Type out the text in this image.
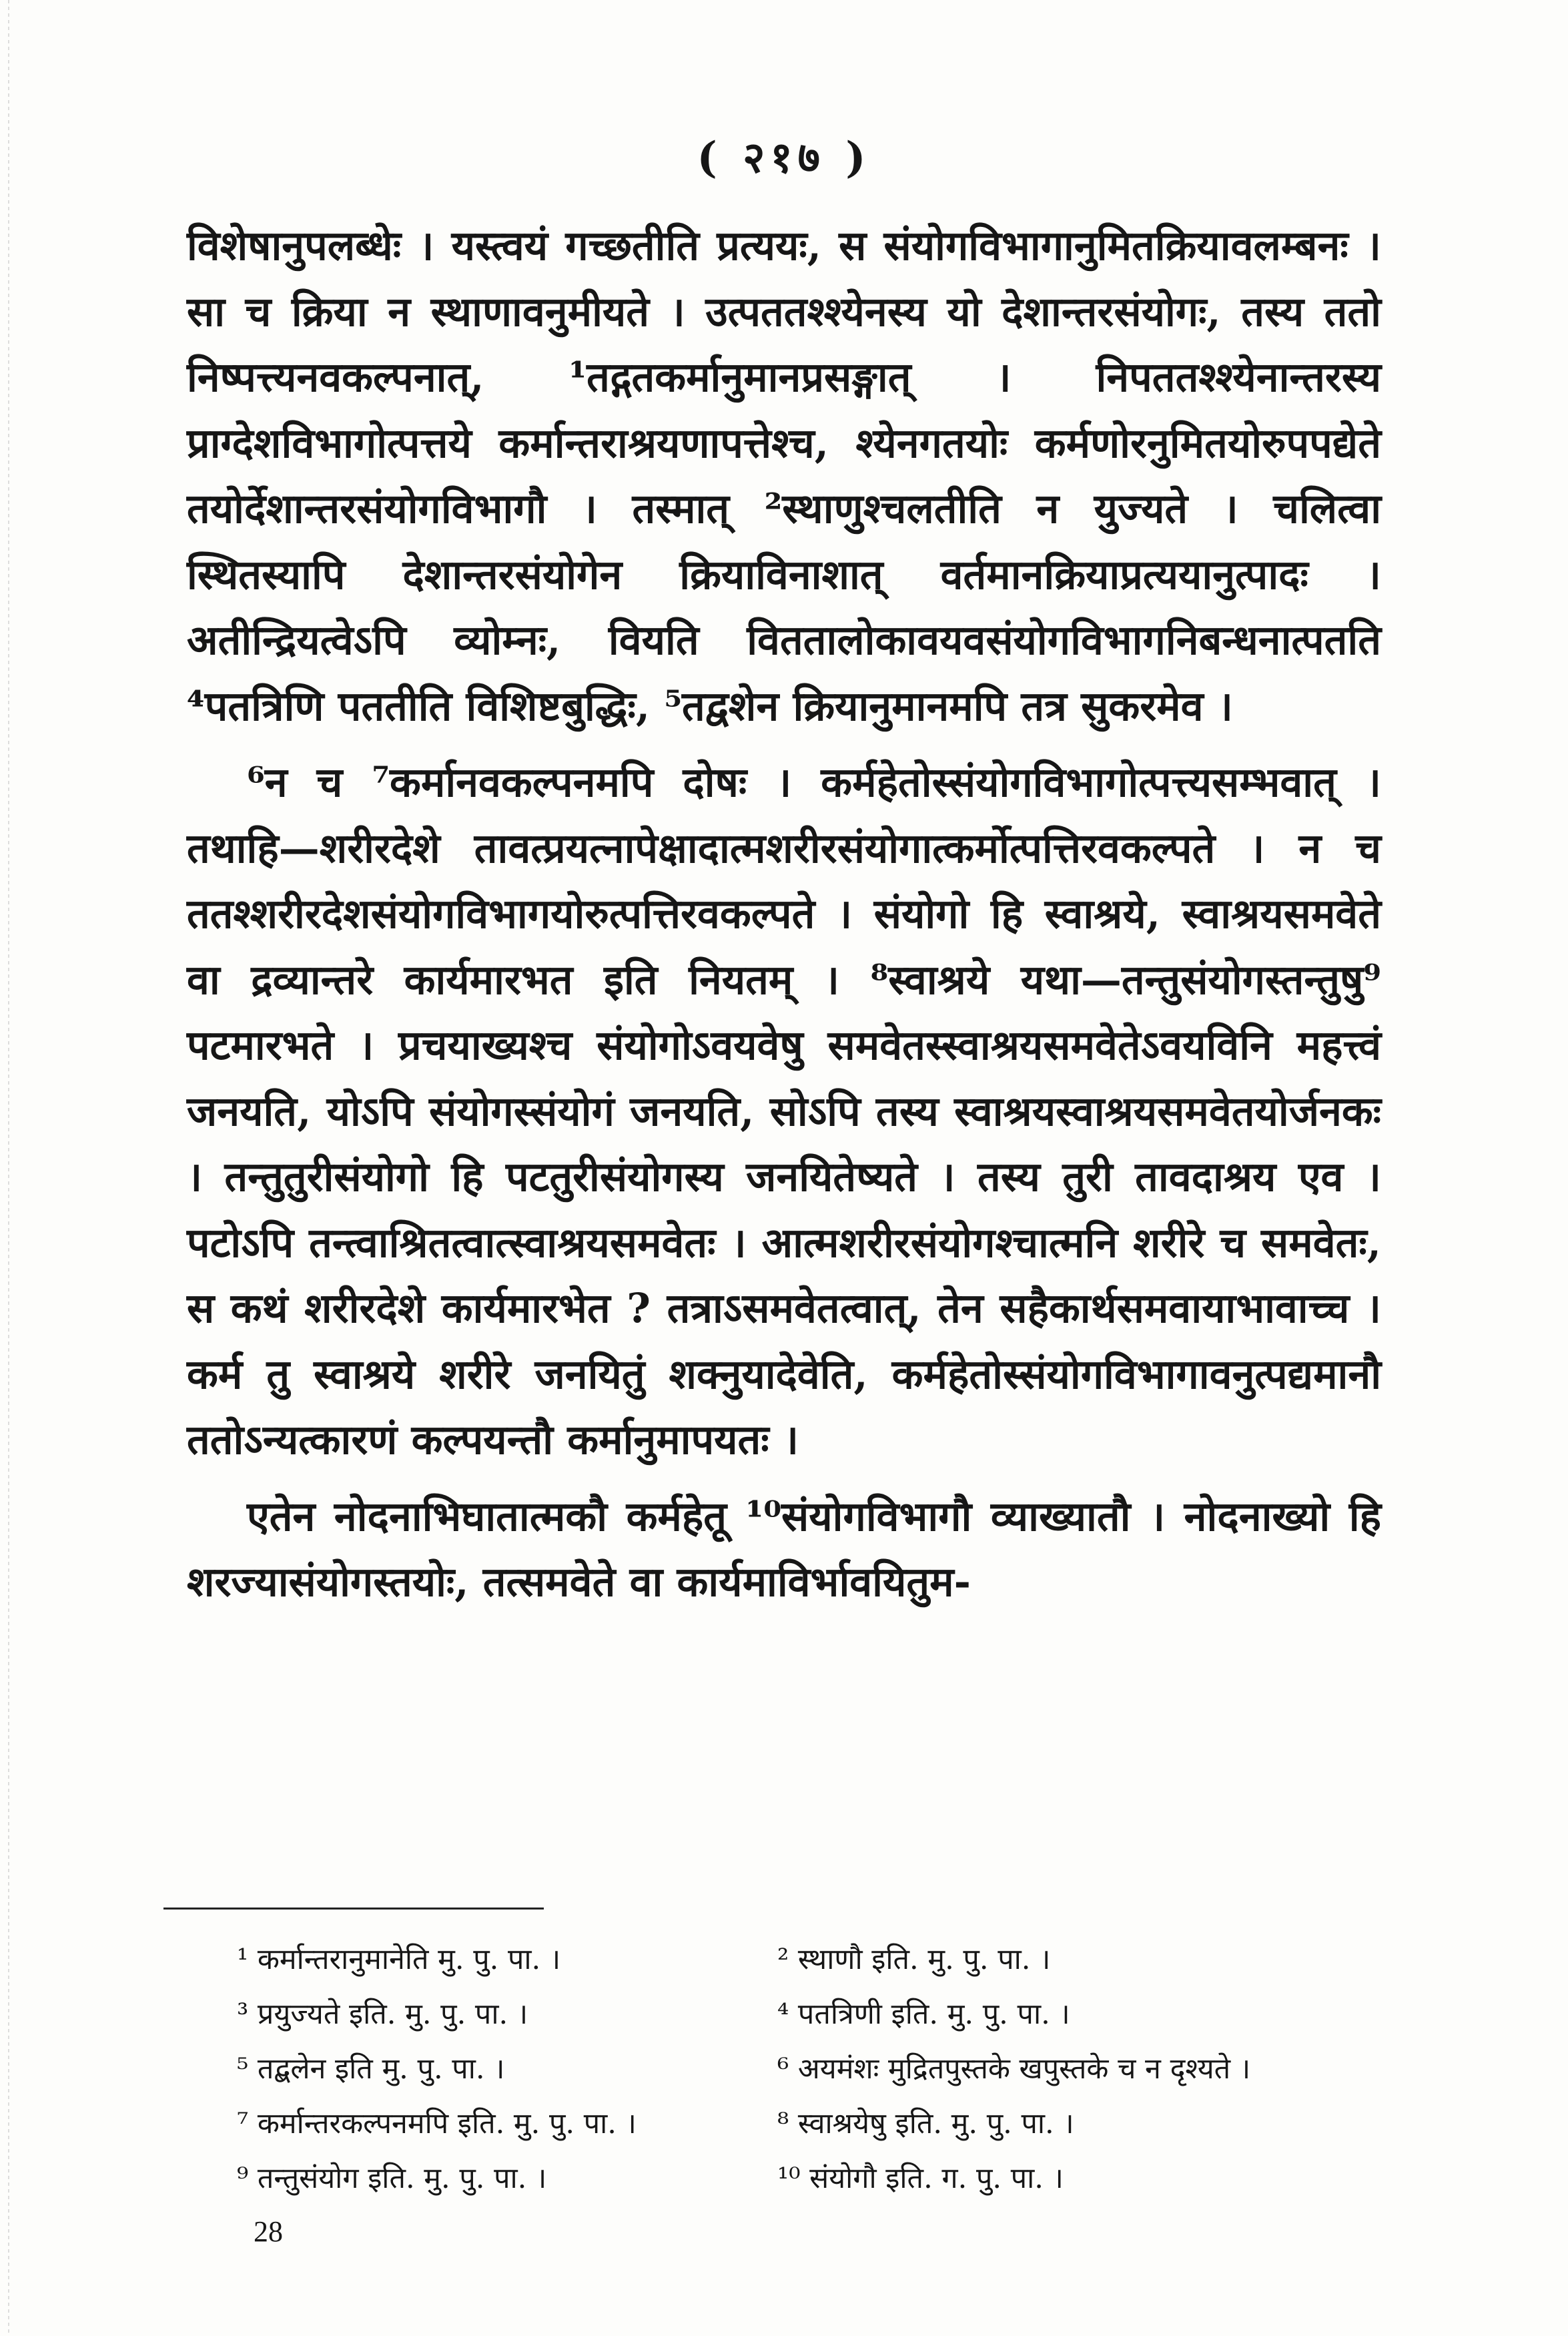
( २१७ )

विशेषानुपलब्धेः । यस्त्वयं गच्छतीति प्रत्ययः, स संयोगविभागानुमितक्रियावलम्बनः । सा च क्रिया न स्थाणावनुमीयते । उत्पततश्श्येनस्य यो देशान्तरसंयोगः, तस्य ततो निष्पत्त्यनवकल्पनात्, ¹तद्गतकर्मानुमानप्रसङ्गात् । निपततश्श्येनान्तरस्य प्राग्देशविभागोत्पत्तये कर्मान्तराश्रयणापत्तेश्च, श्येनगतयोः कर्मणोरनुमितयोरुपपद्येते तयोर्देशान्तरसंयोगविभागौ । तस्मात् ²स्थाणुश्चलतीति न युज्यते । चलित्वा स्थितस्यापि देशान्तरसंयोगेन क्रियाविनाशात् वर्तमानक्रियाप्रत्ययानुत्पादः । अतीन्द्रियत्वेऽपि व्योम्नः, वियति विततालोकावयवसंयोगविभागनिबन्धनात्पतति ⁴पतत्रिणि पततीति विशिष्टबुद्धिः, ⁵तद्वशेन क्रियानुमानमपि तत्र सुकरमेव ।

⁶न च ⁷कर्मानवकल्पनमपि दोषः । कर्महेतोस्संयोगविभागोत्पत्त्यसम्भवात् । तथाहि—शरीरदेशे तावत्प्रयत्नापेक्षादात्मशरीरसंयोगात्कर्मोत्पत्तिरवकल्पते । न च ततश्शरीरदेशसंयोगविभागयोरुत्पत्तिरवकल्पते । संयोगो हि स्वाश्रये, स्वाश्रयसमवेते वा द्रव्यान्तरे कार्यमारभत इति नियतम् । ⁸स्वाश्रये यथा—तन्तुसंयोगस्तन्तुषु⁹ पटमारभते । प्रचयाख्यश्च संयोगोऽवयवेषु समवेतस्स्वाश्रयसमवेतेऽवयविनि महत्त्वं जनयति, योऽपि संयोगस्संयोगं जनयति, सोऽपि तस्य स्वाश्रयस्वाश्रयसमवेतयोर्जनकः । तन्तुतुरीसंयोगो हि पटतुरीसंयोगस्य जनयितेष्यते । तस्य तुरी तावदाश्रय एव । पटोऽपि तन्त्वाश्रितत्वात्स्वाश्रयसमवेतः । आत्मशरीरसंयोगश्चात्मनि शरीरे च समवेतः, स कथं शरीरदेशे कार्यमारभेत ? तत्राऽसमवेतत्वात्, तेन सहैकार्थसमवायाभावाच्च । कर्म तु स्वाश्रये शरीरे जनयितुं शक्नुयादेवेति, कर्महेतोस्संयोगविभागावनुत्पद्यमानौ ततोऽन्यत्कारणं कल्पयन्तौ कर्मानुमापयतः ।

एतेन नोदनाभिघातात्मकौ कर्महेतू ¹⁰संयोगविभागौ व्याख्यातौ । नोदनाख्यो हि शरज्यासंयोगस्तयोः, तत्समवेते वा कार्यमाविर्भावयितुम-

¹ कर्मान्तरानुमानेति मु. पु. पा. ।	² स्थाणौ इति. मु. पु. पा. ।
³ प्रयुज्यते इति. मु. पु. पा. ।	⁴ पतत्रिणी इति. मु. पु. पा. ।
⁵ तद्बलेन इति मु. पु. पा. ।	⁶ अयमंशः मुद्रितपुस्तके खपुस्तके च न दृश्यते ।
⁷ कर्मान्तरकल्पनमपि इति. मु. पु. पा. ।	⁸ स्वाश्रयेषु इति. मु. पु. पा. ।
⁹ तन्तुसंयोग इति. मु. पु. पा. ।	¹⁰ संयोगौ इति. ग. पु. पा. ।
28
